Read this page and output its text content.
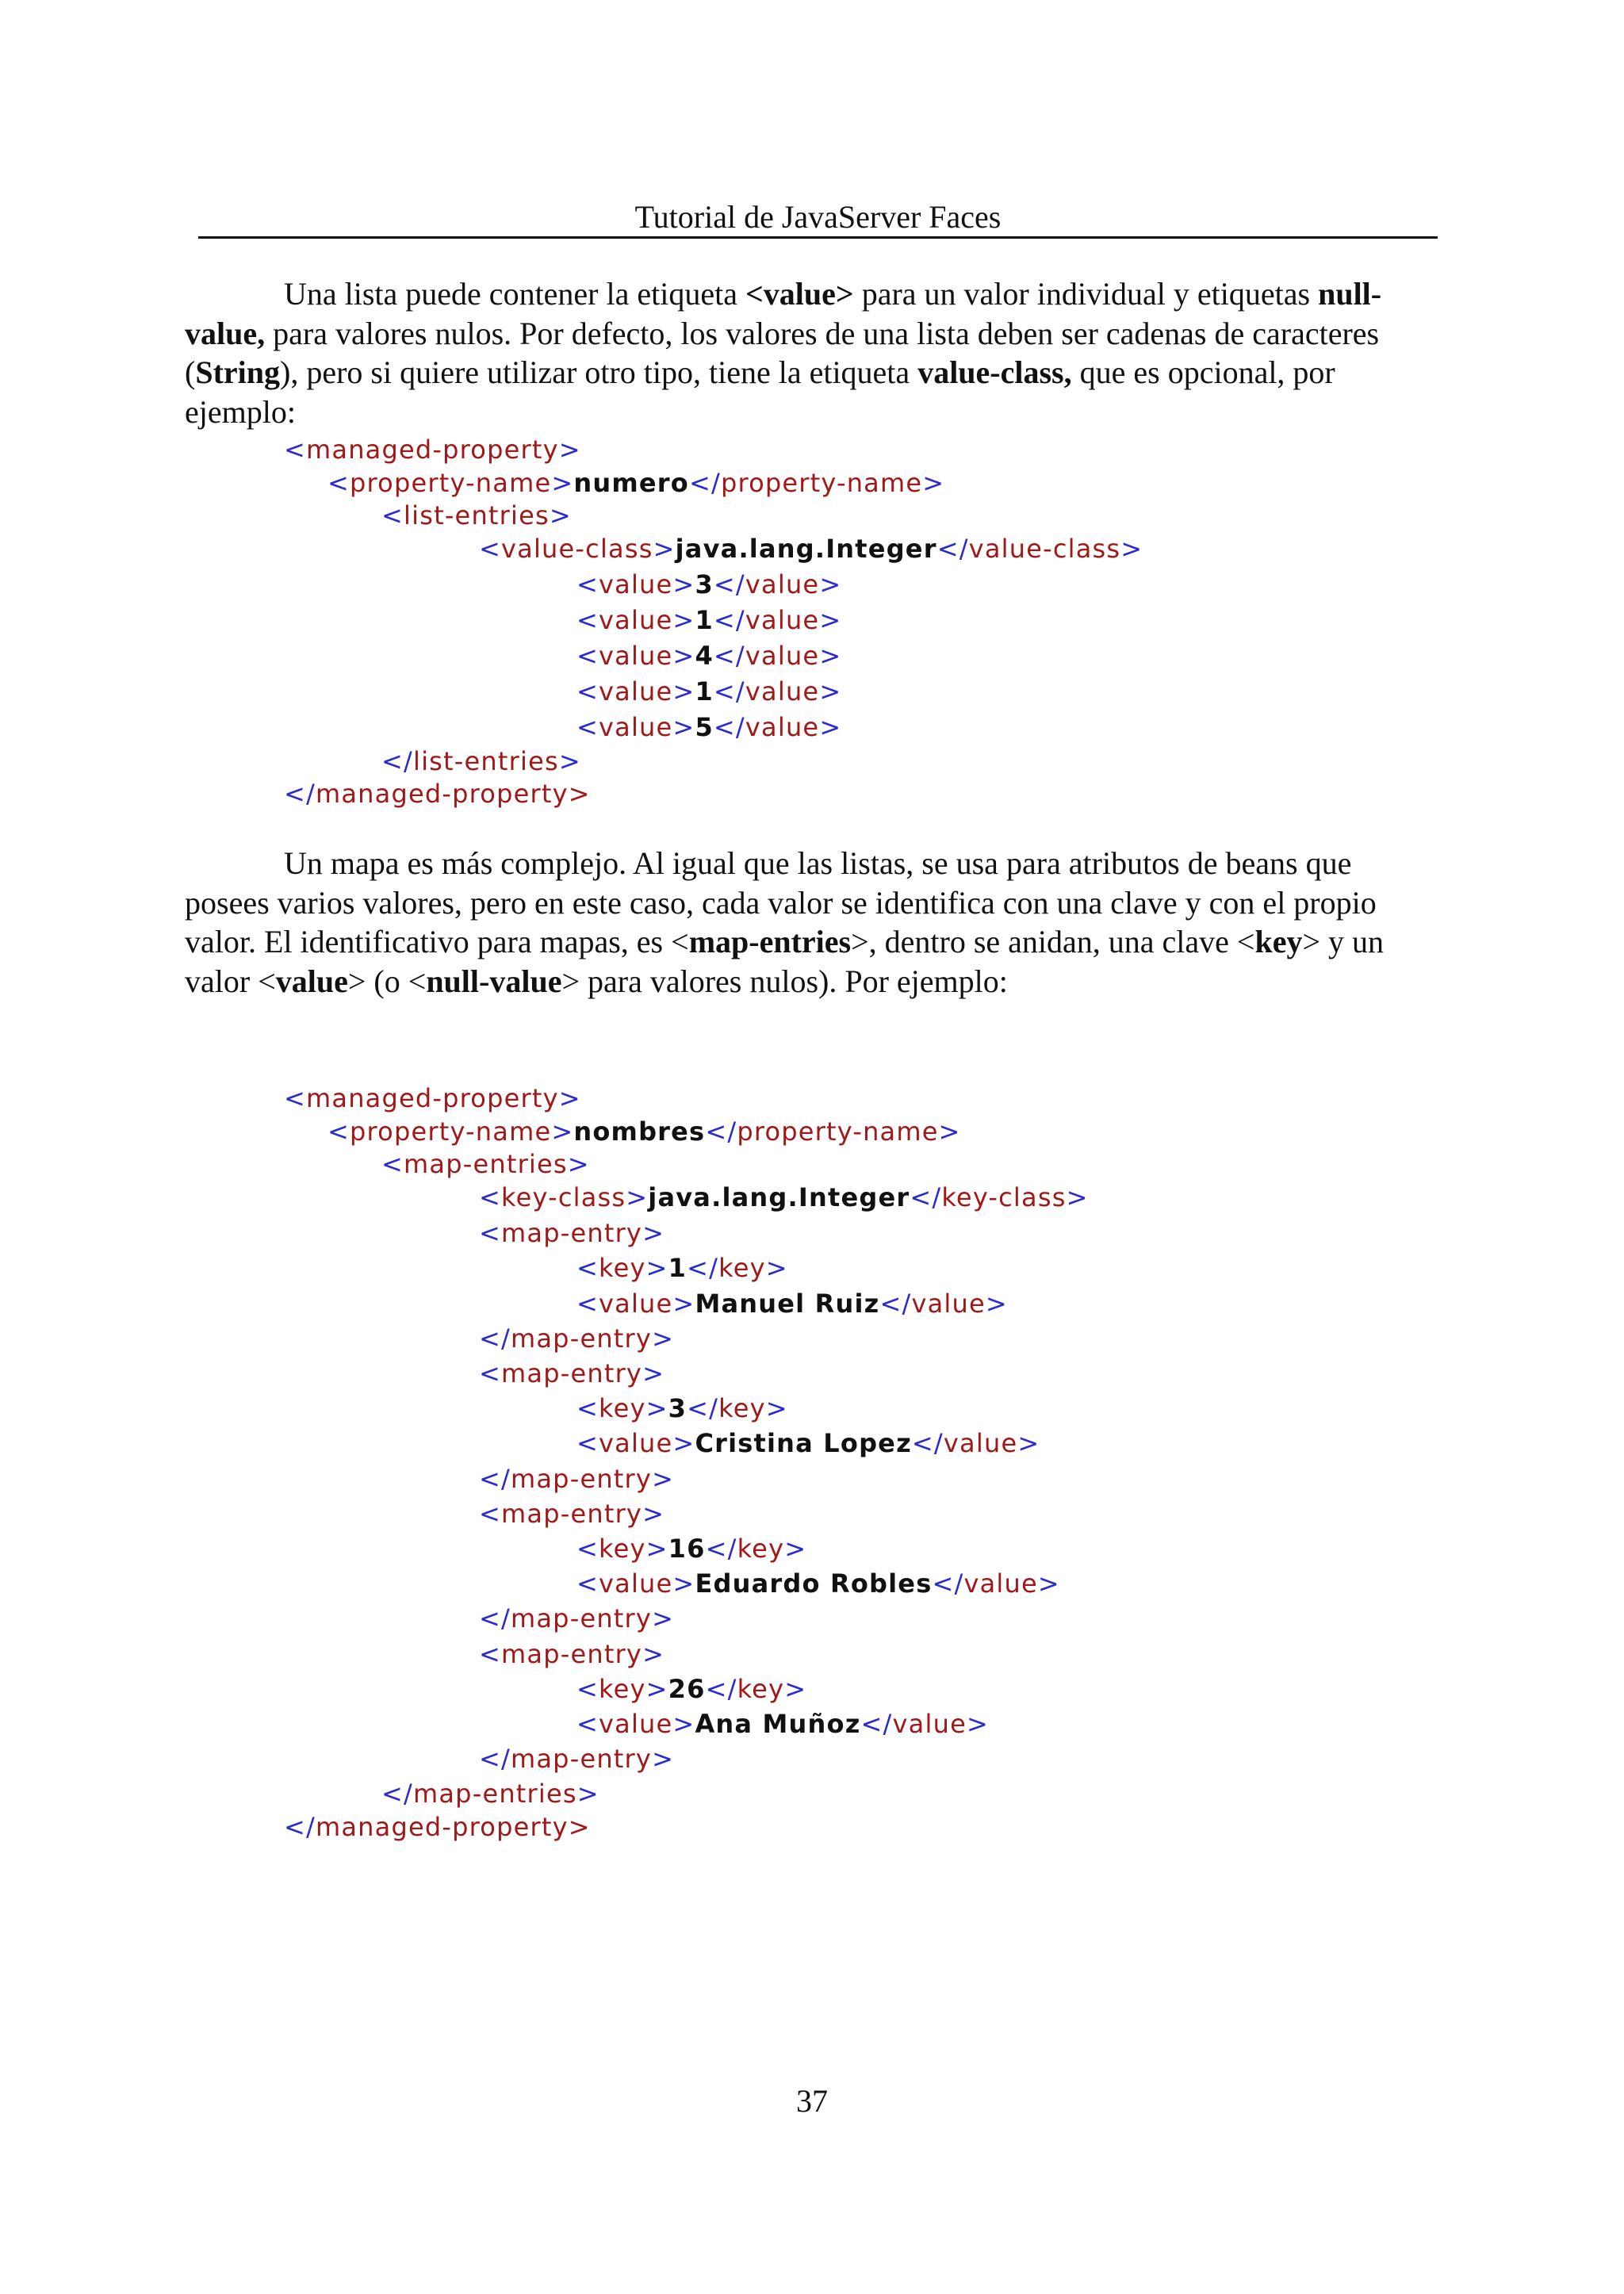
Tutorial de JavaServer Faces

Una lista puede contener la etiqueta <value> para un valor individual y etiquetas null-value, para valores nulos. Por defecto, los valores de una lista deben ser cadenas de caracteres (String), pero si quiere utilizar otro tipo, tiene la etiqueta value-class, que es opcional, por ejemplo:

<managed-property>

<property-name>numero</property-name>

<list-entries>

<value-class>java.lang.Integer</value-class>

<value>3</value>

<value>1</value>

<value>4</value>

<value>1</value>

<value>5</value>

</list-entries>

</managed-property>

Un mapa es más complejo. Al igual que las listas, se usa para atributos de beans que posees varios valores, pero en este caso, cada valor se identifica con una clave y con el propio valor. El identificativo para mapas, es <map-entries>, dentro se anidan, una clave <key> y un valor <value> (o <null-value> para valores nulos). Por ejemplo:

<managed-property>

<property-name>nombres</property-name>

<map-entries>

<key-class>java.lang.Integer</key-class>

<map-entry>

<key>1</key>

<value>Manuel Ruiz</value>

</map-entry>

<map-entry>

<key>3</key>

<value>Cristina Lopez</value>

</map-entry>

<map-entry>

<key>16</key>

<value>Eduardo Robles</value>

</map-entry>

<map-entry>

<key>26</key>

<value>Ana Muñoz</value>

</map-entry>

</map-entries>

</managed-property>

37
